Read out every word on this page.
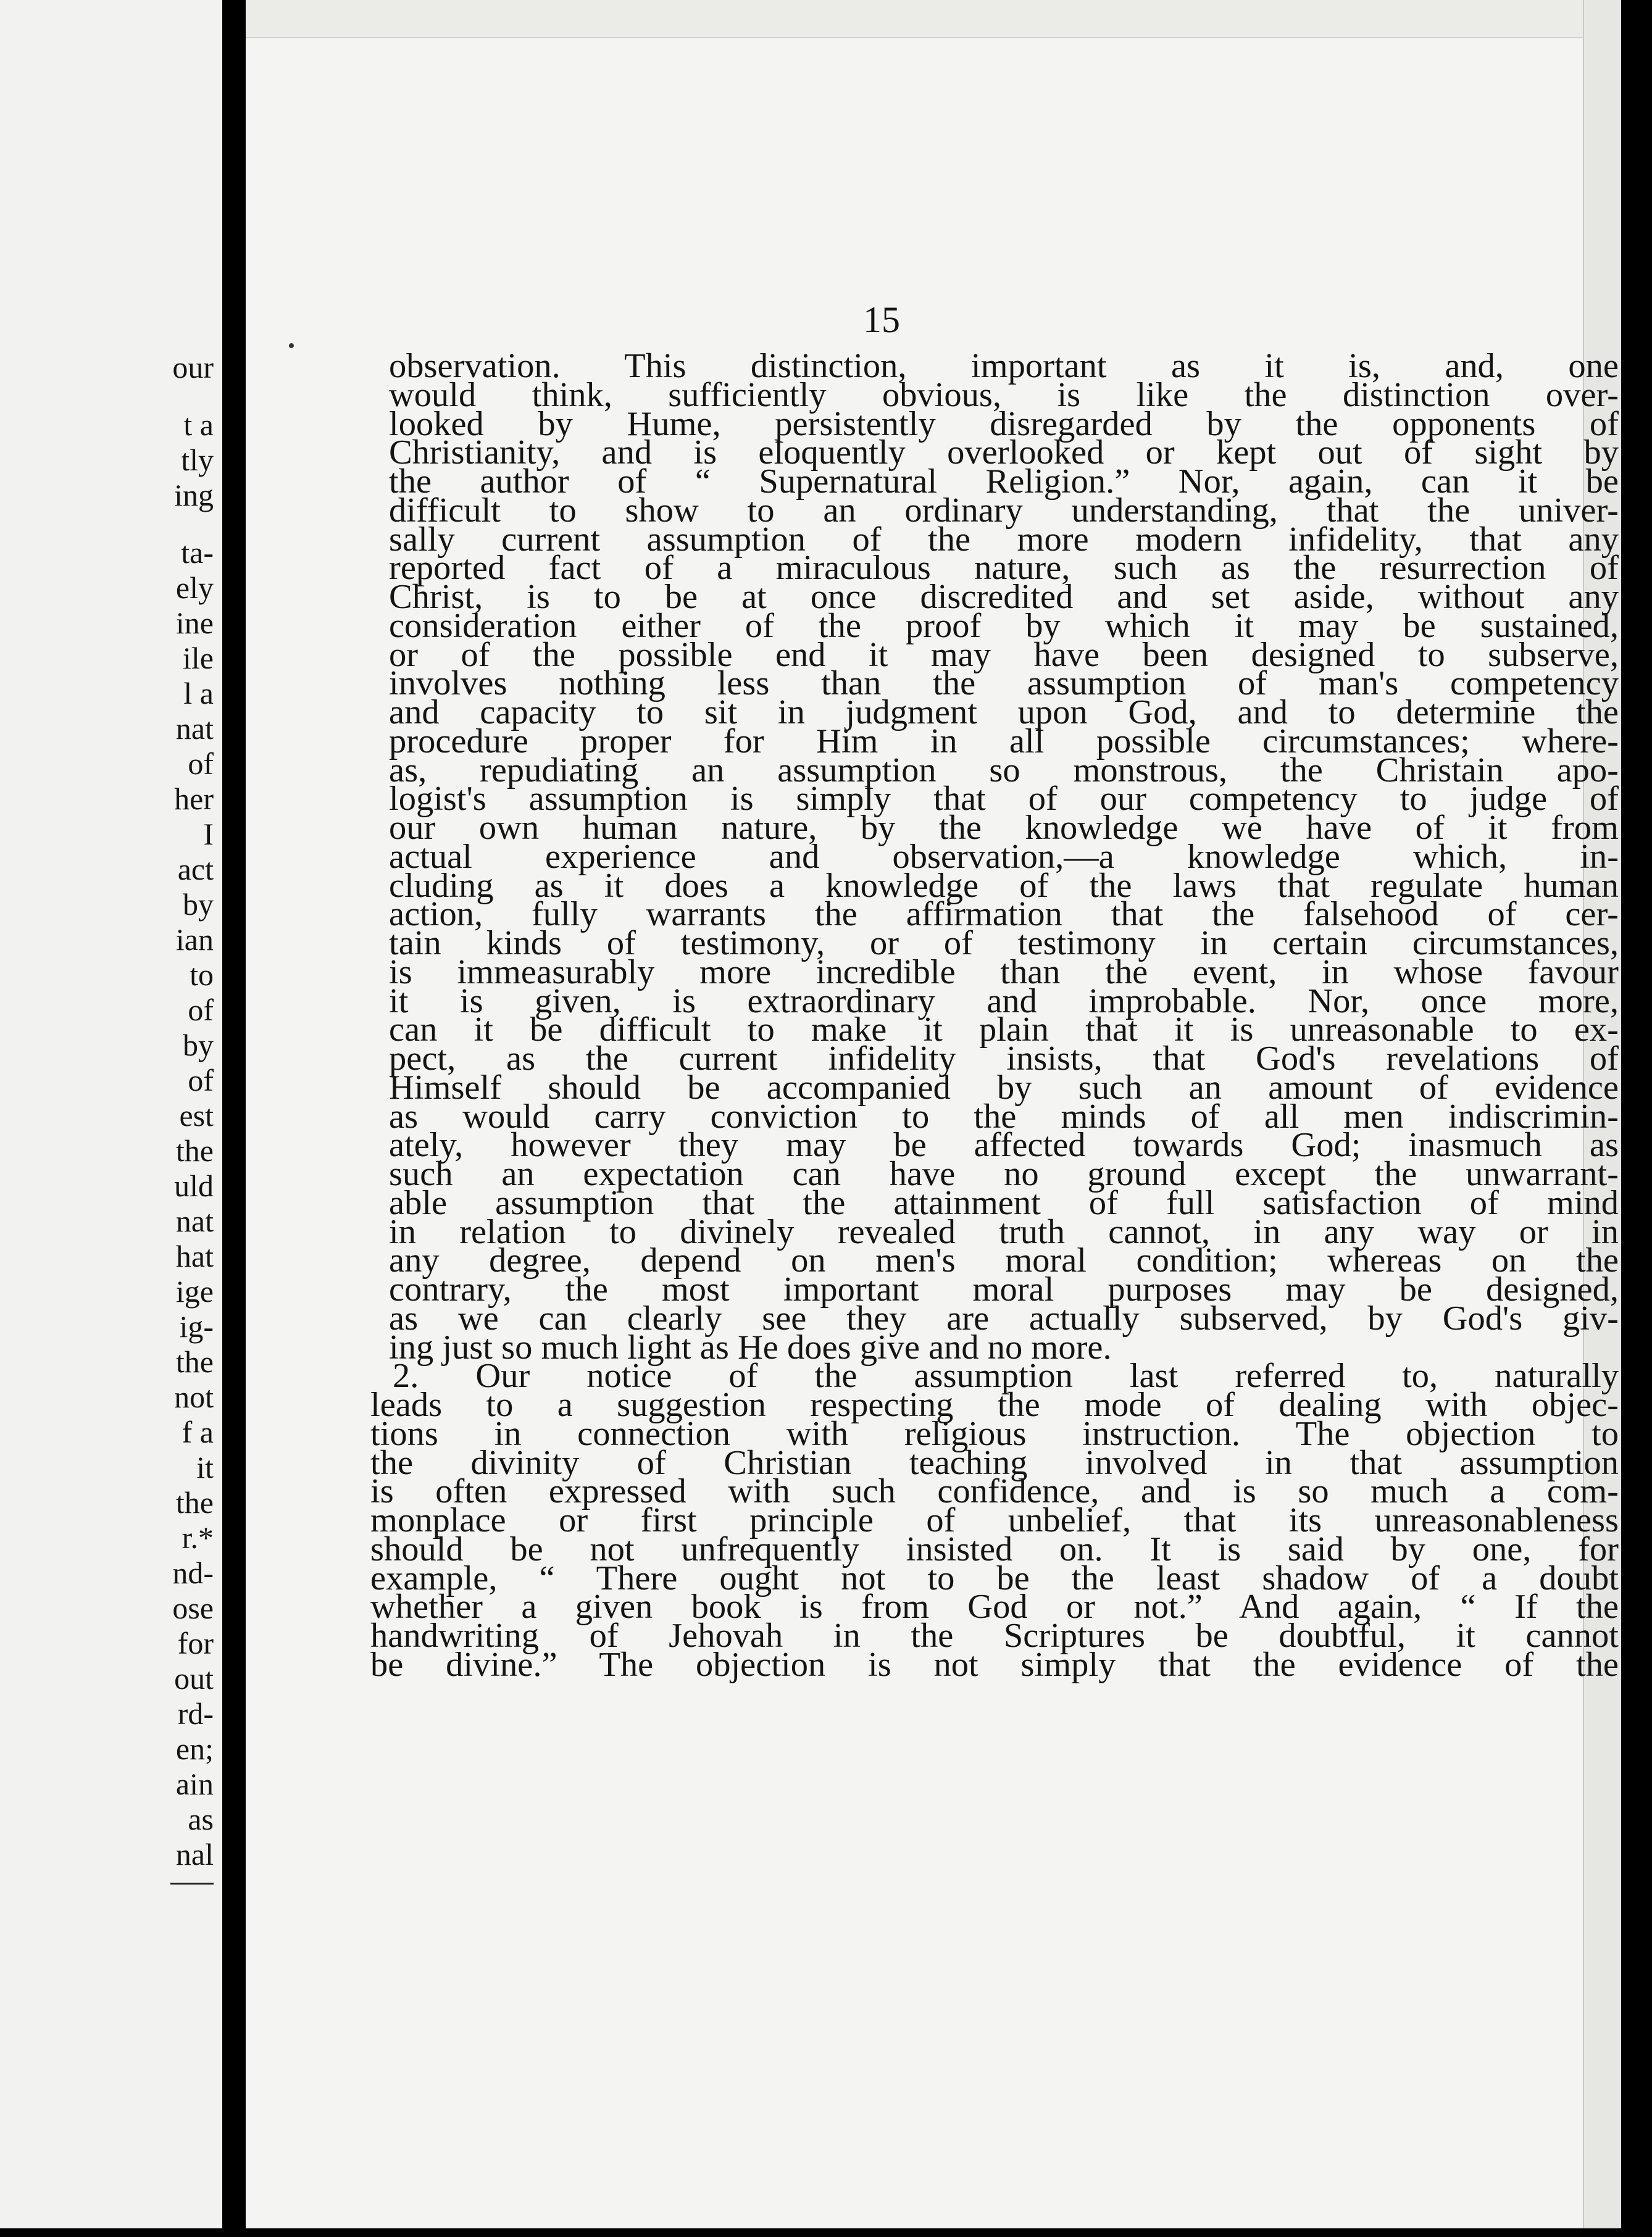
our
t a
tly
ing
ta-
ely
ine
ile
l a
nat
of
her
I
act
by
ian
to
of
by
of
est
the
uld
nat
hat
ige
ig-
the
not
f a
it
the
r.*
nd-
ose
for
out
rd-
en;
ain
as
nal
15
observation. This distinction, important as it is, and, one
would think, sufficiently obvious, is like the distinction over-
looked by Hume, persistently disregarded by the opponents of
Christianity, and is eloquently overlooked or kept out of sight by
the author of “ Supernatural Religion.” Nor, again, can it be
difficult to show to an ordinary understanding, that the univer-
sally current assumption of the more modern infidelity, that any
reported fact of a miraculous nature, such as the resurrection of
Christ, is to be at once discredited and set aside, without any
consideration either of the proof by which it may be sustained,
or of the possible end it may have been designed to subserve,
involves nothing less than the assumption of man's competency
and capacity to sit in judgment upon God, and to determine the
procedure proper for Him in all possible circumstances; where-
as, repudiating an assumption so monstrous, the Christain apo-
logist's assumption is simply that of our competency to judge of
our own human nature, by the knowledge we have of it from
actual experience and observation,—a knowledge which, in-
cluding as it does a knowledge of the laws that regulate human
action, fully warrants the affirmation that the falsehood of cer-
tain kinds of testimony, or of testimony in certain circumstances,
is immeasurably more incredible than the event, in whose favour
it is given, is extraordinary and improbable. Nor, once more,
can it be difficult to make it plain that it is unreasonable to ex-
pect, as the current infidelity insists, that God's revelations of
Himself should be accompanied by such an amount of evidence
as would carry conviction to the minds of all men indiscrimin-
ately, however they may be affected towards God; inasmuch as
such an expectation can have no ground except the unwarrant-
able assumption that the attainment of full satisfaction of mind
in relation to divinely revealed truth cannot, in any way or in
any degree, depend on men's moral condition; whereas on the
contrary, the most important moral purposes may be designed,
as we can clearly see they are actually subserved, by God's giv-
ing just so much light as He does give and no more.
2. Our notice of the assumption last referred to, naturally
leads to a suggestion respecting the mode of dealing with objec-
tions in connection with religious instruction. The objection to
the divinity of Christian teaching involved in that assumption
is often expressed with such confidence, and is so much a com-
monplace or first principle of unbelief, that its unreasonableness
should be not unfrequently insisted on. It is said by one, for
example, “ There ought not to be the least shadow of a doubt
whether a given book is from God or not.” And again, “ If the
handwriting of Jehovah in the Scriptures be doubtful, it cannot
be divine.” The objection is not simply that the evidence of the
